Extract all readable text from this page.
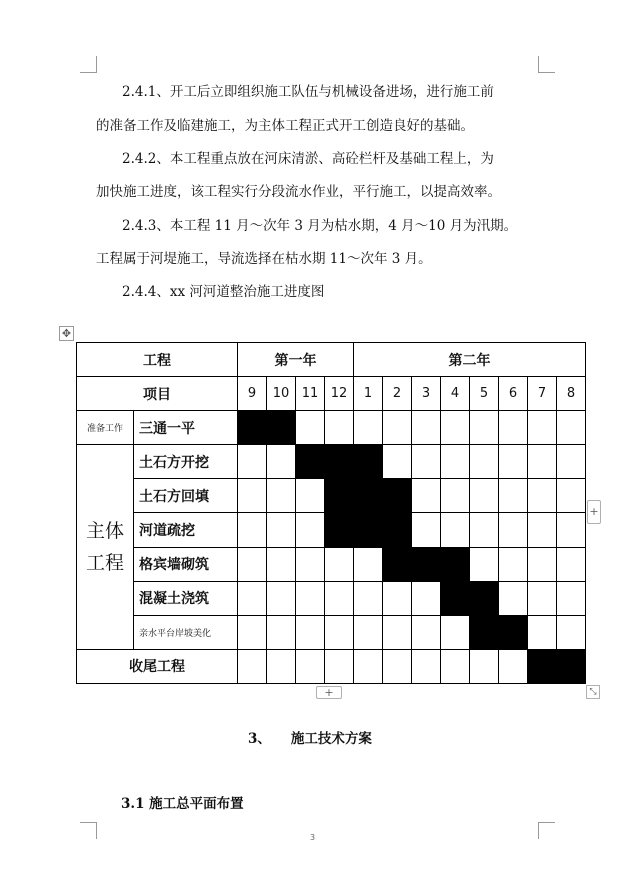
2.4.1、开工后立即组织施工队伍与机械设备进场，进行施工前
的准备工作及临建施工，为主体工程正式开工创造良好的基础。
2.4.2、本工程重点放在河床清淤、高砼栏杆及基础工程上，为
加快施工进度，该工程实行分段流水作业，平行施工，以提高效率。
2.4.3、本工程 11 月～次年 3 月为枯水期，4 月～10 月为汛期。
工程属于河堤施工，导流选择在枯水期 11～次年 3 月。
2.4.4、xx 河河道整治施工进度图
✥
工程		第一年				第二年							
项目		9	10	11	12	1	2	3	4	5	6	7	8
准备工作	三通一平												
主体
工程	土石方开挖												
	土石方回填												
	河道疏挖												
	格宾墙砌筑												
	混凝土浇筑												
	亲水平台岸坡美化												
收尾工程													
+
+	⤡
3、 施工技术方案
3.1 施工总平面布置
3
